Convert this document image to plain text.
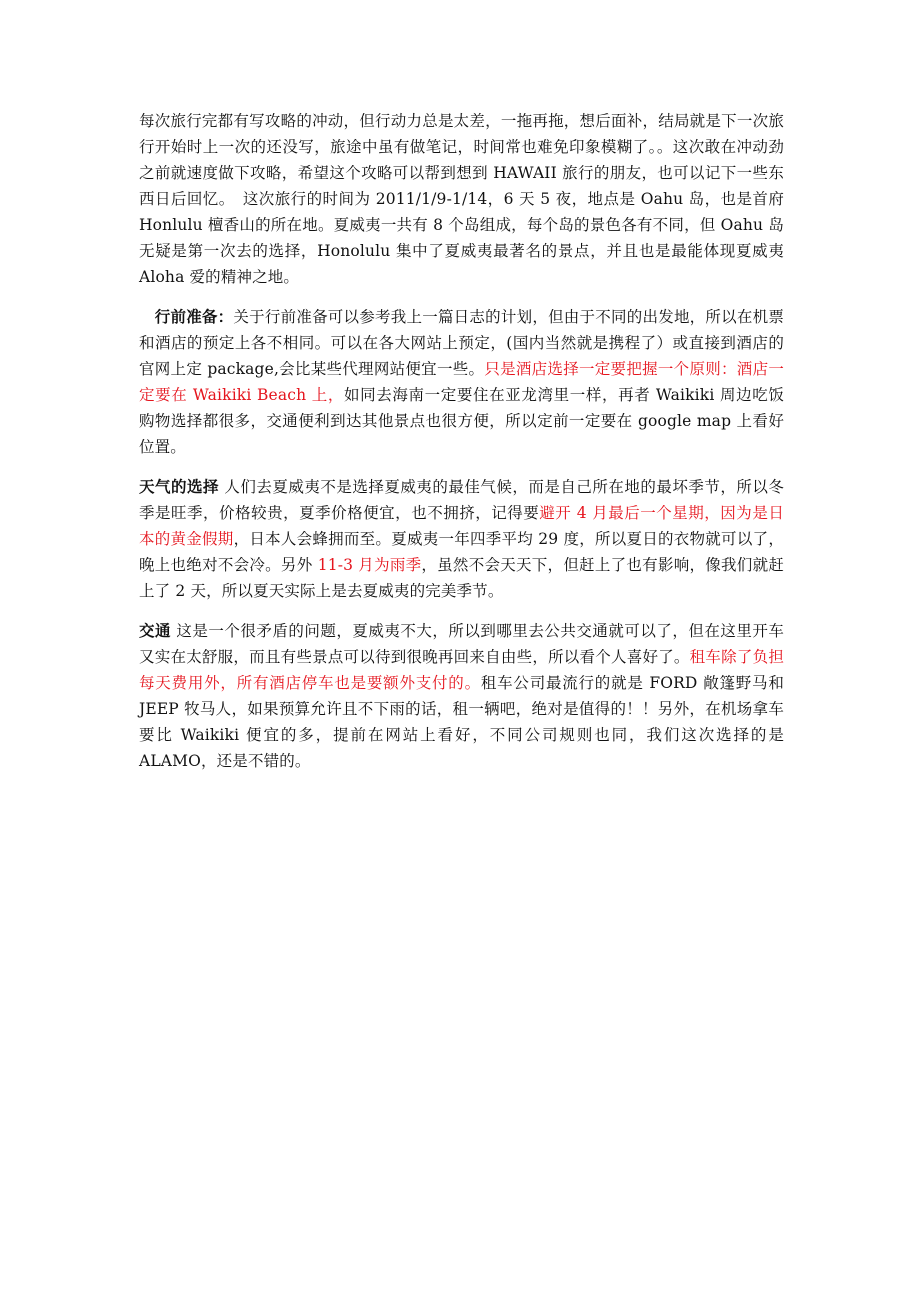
每次旅行完都有写攻略的冲动，但行动力总是太差，一拖再拖，想后面补，结局就是下一次旅行开始时上一次的还没写，旅途中虽有做笔记，时间常也难免印象模糊了。。这次敢在冲动劲之前就速度做下攻略，希望这个攻略可以帮到想到 HAWAII 旅行的朋友，也可以记下一些东西日后回忆。　这次旅行的时间为 2011/1/9-1/14，6 天 5 夜，地点是 Oahu 岛，也是首府 Honlulu 檀香山的所在地。夏威夷一共有 8 个岛组成，每个岛的景色各有不同，但 Oahu 岛无疑是第一次去的选择，Honolulu 集中了夏威夷最著名的景点，并且也是最能体现夏威夷 Aloha 爱的精神之地。

　行前准备：关于行前准备可以参考我上一篇日志的计划，但由于不同的出发地，所以在机票和酒店的预定上各不相同。可以在各大网站上预定，(国内当然就是携程了）或直接到酒店的官网上定 package,会比某些代理网站便宜一些。只是酒店选择一定要把握一个原则：酒店一定要在 Waikiki Beach 上，如同去海南一定要住在亚龙湾里一样，再者 Waikiki 周边吃饭购物选择都很多，交通便利到达其他景点也很方便，所以定前一定要在 google map 上看好位置。

天气的选择 人们去夏威夷不是选择夏威夷的最佳气候，而是自己所在地的最坏季节，所以冬季是旺季，价格较贵，夏季价格便宜，也不拥挤，记得要避开 4 月最后一个星期，因为是日本的黄金假期，日本人会蜂拥而至。夏威夷一年四季平均 29 度，所以夏日的衣物就可以了，晚上也绝对不会冷。另外 11-3 月为雨季，虽然不会天天下，但赶上了也有影响，像我们就赶上了 2 天，所以夏天实际上是去夏威夷的完美季节。

交通 这是一个很矛盾的问题，夏威夷不大，所以到哪里去公共交通就可以了，但在这里开车又实在太舒服，而且有些景点可以待到很晚再回来自由些，所以看个人喜好了。租车除了负担每天费用外，所有酒店停车也是要额外支付的。租车公司最流行的就是 FORD 敞篷野马和 JEEP 牧马人，如果预算允许且不下雨的话，租一辆吧，绝对是值得的！！另外，在机场拿车要比 Waikiki 便宜的多，提前在网站上看好，不同公司规则也同，我们这次选择的是 ALAMO，还是不错的。
